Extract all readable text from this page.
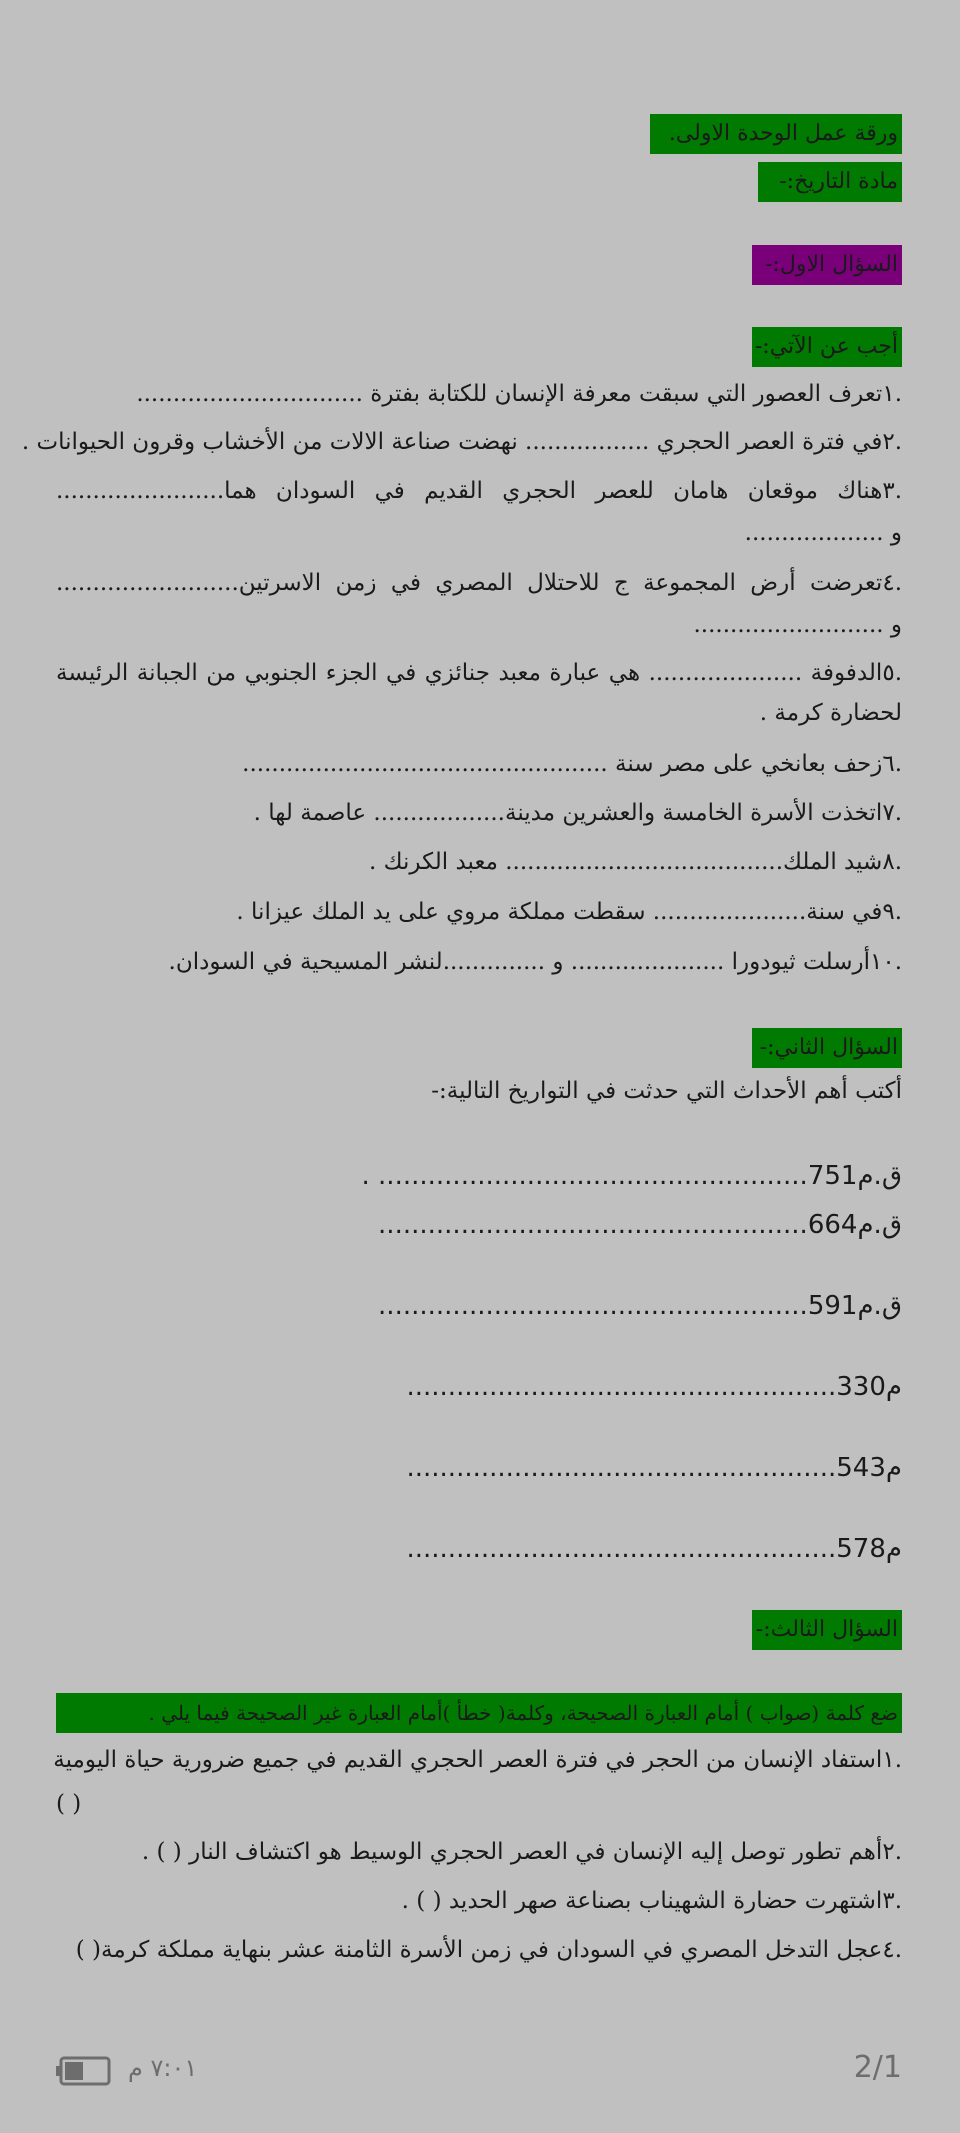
ورقة عمل الوحدة الاولى.
مادة التاريخ:-
السؤال الاول:-
أجب عن الآتي:-
.١تعرف العصور التي سبقت معرفة الإنسان للكتابة بفترة ...............................
.٢في فترة العصر الحجري ................. نهضت صناعة الالات من الأخشاب وقرون الحيوانات .
.٣هناك موقعان هامان للعصر الحجري القديم في السودان هما.......................
و ...................
.٤تعرضت أرض المجموعة ج للاحتلال المصري في زمن الاسرتين.........................
و ..........................
.٥الدفوفة ..................... هي عبارة معبد جنائزي في الجزء الجنوبي من الجبانة الرئيسة
لحضارة كرمة .
.٦زحف بعانخي على مصر سنة ..................................................
.٧اتخذت الأسرة الخامسة والعشرين مدينة.................. عاصمة لها .
.٨شيد الملك...................................... معبد الكرنك .
.٩في سنة..................... سقطت مملكة مروي على يد الملك عيزانا .
.١٠أرسلت ثيودورا ..................... و ..............لنشر المسيحية في السودان.
السؤال الثاني:-
أكتب أهم الأحداث التي حدثت في التواريخ التالية:-
. ....................................................ق.م751
....................................................ق.م664
....................................................ق.م591
....................................................م330
....................................................م543
....................................................م578
السؤال الثالث:-
ضع كلمة (صواب ) أمام العبارة الصحيحة، وكلمة( خطأ )أمام العبارة غير الصحيحة فيما يلي .
.١استفاد الإنسان من الحجر في فترة العصر الحجري القديم في جميع ضرورية حياة اليومية
( )
.٢أهم تطور توصل إليه الإنسان في العصر الحجري الوسيط هو اكتشاف النار ( ) .
.٣اشتهرت حضارة الشهيناب بصناعة صهر الحديد ( ) .
.٤عجل التدخل المصري في السودان في زمن الأسرة الثامنة عشر بنهاية مملكة كرمة( )
٧:٠١ م	2/1
